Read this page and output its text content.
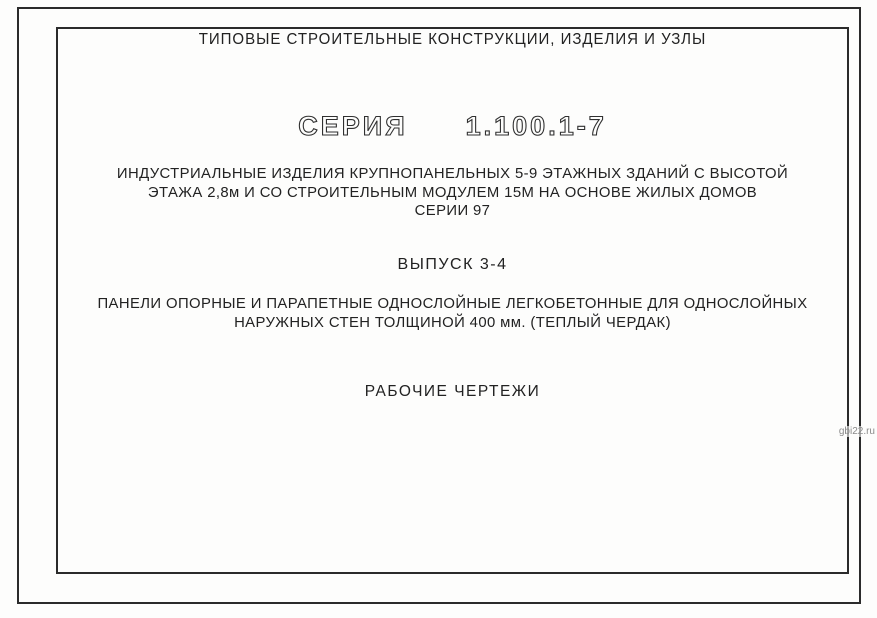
ТИПОВЫЕ СТРОИТЕЛЬНЫЕ КОНСТРУКЦИИ, ИЗДЕЛИЯ И УЗЛЫ
СЕРИЯ 1.100.1-7
ИНДУСТРИАЛЬНЫЕ ИЗДЕЛИЯ КРУПНОПАНЕЛЬНЫХ 5-9 ЭТАЖНЫХ ЗДАНИЙ С ВЫСОТОЙ
ЭТАЖА 2,8м И СО СТРОИТЕЛЬНЫМ МОДУЛЕМ 15М НА ОСНОВЕ ЖИЛЫХ ДОМОВ
СЕРИИ 97
ВЫПУСК 3-4
ПАНЕЛИ ОПОРНЫЕ И ПАРАПЕТНЫЕ ОДНОСЛОЙНЫЕ ЛЕГКОБЕТОННЫЕ ДЛЯ ОДНОСЛОЙНЫХ
НАРУЖНЫХ СТЕН ТОЛЩИНОЙ 400 мм. (ТЕПЛЫЙ ЧЕРДАК)
РАБОЧИЕ ЧЕРТЕЖИ
gbi22.ru
